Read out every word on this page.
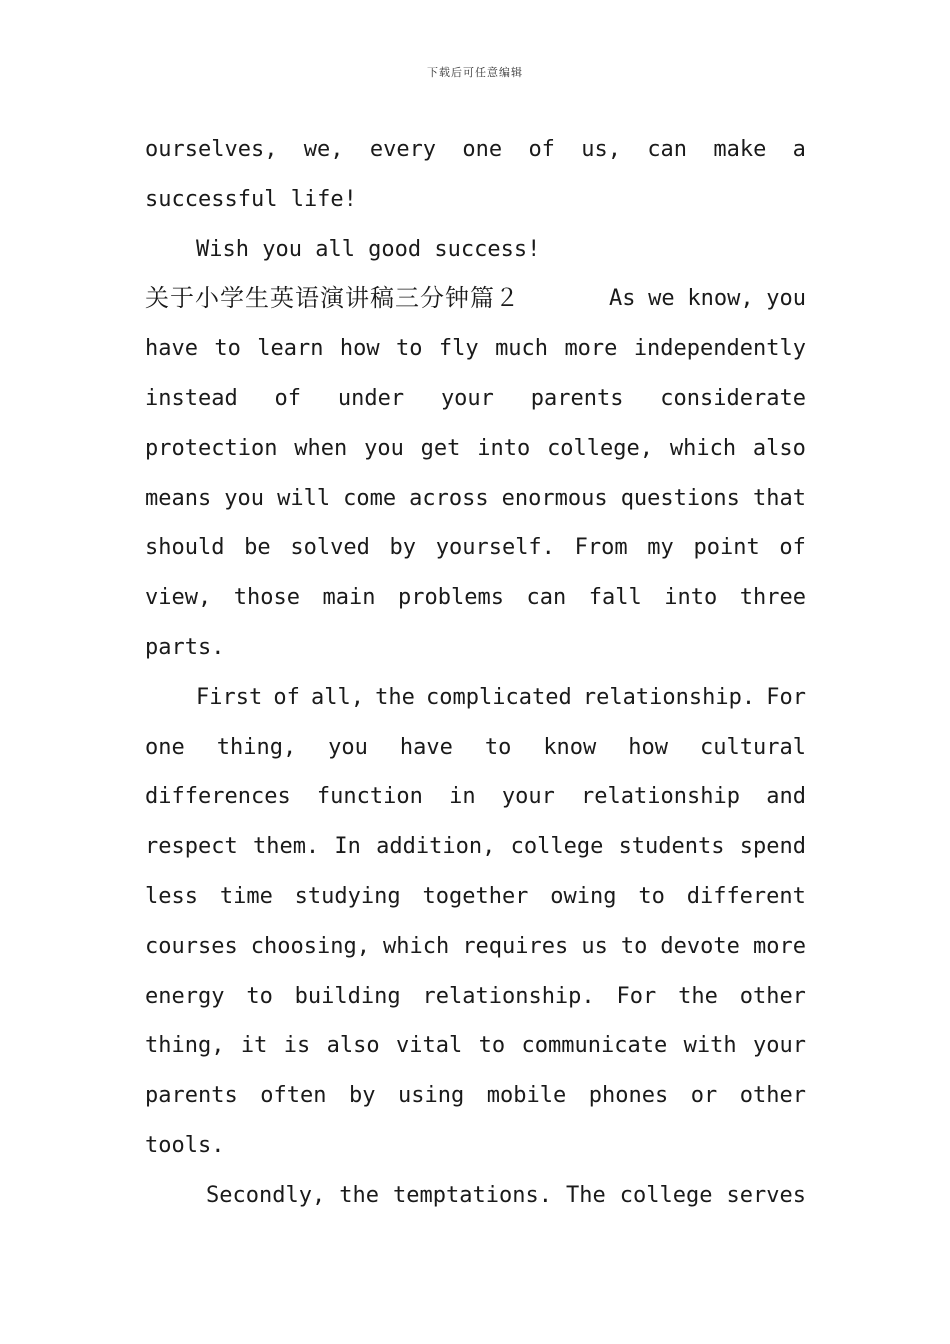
下载后可任意编辑
ourselves, we, every one of us, can make a
successful life!
Wish you all good success!
关于小学生英语演讲稿三分钟篇２	As we know, you
have to learn how to fly much more independently
instead of under your parents considerate
protection when you get into college, which also
means you will come across enormous questions that
should be solved by yourself. From my point of
view, those main problems can fall into three
parts.
First of all, the complicated relationship. For
one thing, you have to know how cultural
differences function in your relationship and
respect them. In addition, college students spend
less time studying together owing to different
courses choosing, which requires us to devote more
energy to building relationship. For the other
thing, it is also vital to communicate with your
parents often by using mobile phones or other
tools.
Secondly, the temptations. The college serves
